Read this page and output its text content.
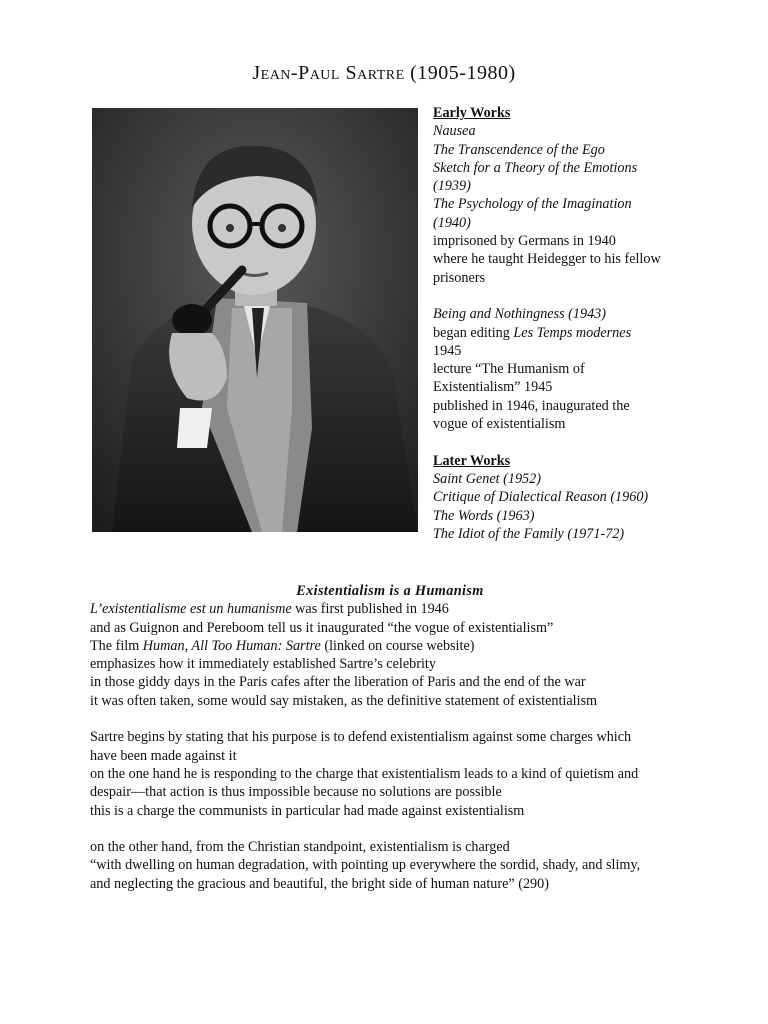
Jean-Paul Sartre (1905-1980)
Early Works
Nausea
The Transcendence of the Ego
Sketch for a Theory of the Emotions
(1939)
The Psychology of the Imagination
(1940)
imprisoned by Germans in 1940
where he taught Heidegger to his fellow
prisoners
Being and Nothingness (1943)
began editing Les Temps modernes
1945
lecture “The Humanism of
Existentialism” 1945
published in 1946, inaugurated the
vogue of existentialism
Later Works
Saint Genet (1952)
Critique of Dialectical Reason (1960)
The Words (1963)
The Idiot of the Family (1971-72)
Existentialism is a Humanism
L’existentialisme est un humanisme was first published in 1946
and as Guignon and Pereboom tell us it inaugurated “the vogue of existentialism”
The film Human, All Too Human: Sartre (linked on course website)
emphasizes how it immediately established Sartre’s celebrity
in those giddy days in the Paris cafes after the liberation of Paris and the end of the war
it was often taken, some would say mistaken, as the definitive statement of existentialism
Sartre begins by stating that his purpose is to defend existentialism against some charges which
have been made against it
on the one hand he is responding to the charge that existentialism leads to a kind of quietism and
despair—that action is thus impossible because no solutions are possible
this is a charge the communists in particular had made against existentialism
on the other hand, from the Christian standpoint, existentialism is charged
“with dwelling on human degradation, with pointing up everywhere the sordid, shady, and slimy,
and neglecting the gracious and beautiful, the bright side of human nature” (290)
